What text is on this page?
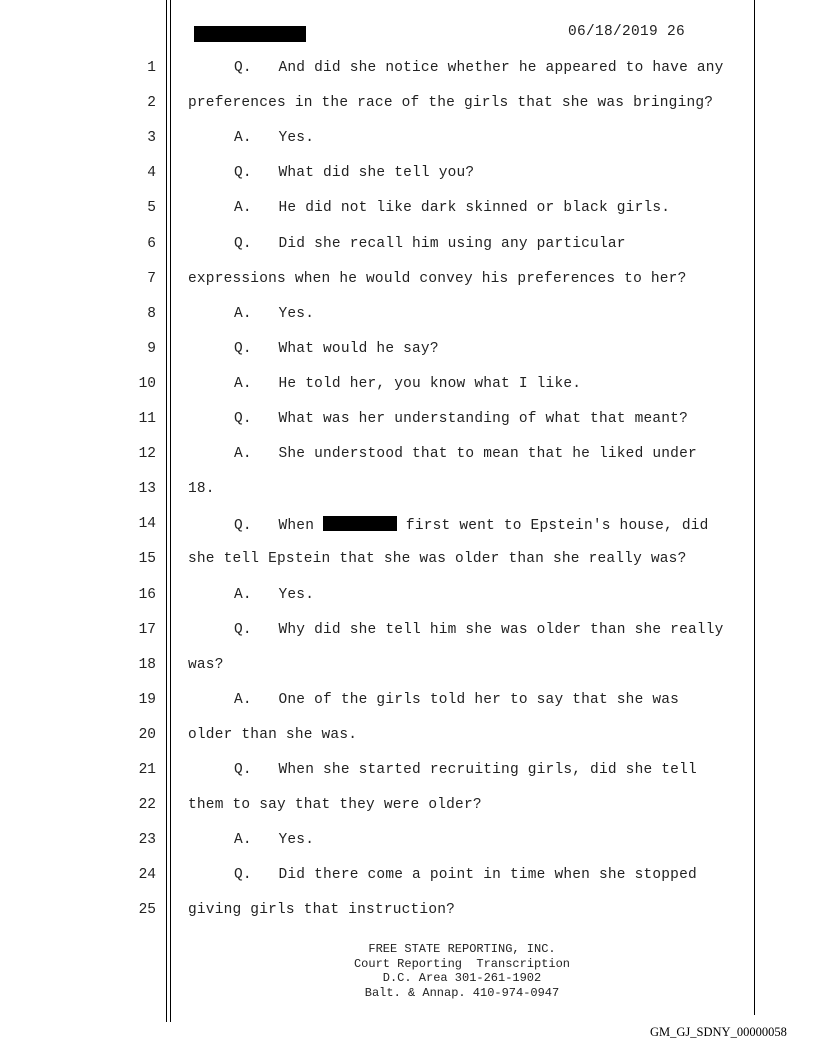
06/18/2019 26
1	Q.   And did she notice whether he appeared to have any
2 preferences in the race of the girls that she was bringing?
3	A.   Yes.
4	Q.   What did she tell you?
5	A.   He did not like dark skinned or black girls.
6	Q.   Did she recall him using any particular
7 expressions when he would convey his preferences to her?
8	A.   Yes.
9	Q.   What would he say?
10	A.   He told her, you know what I like.
11	Q.   What was her understanding of what that meant?
12	A.   She understood that to mean that he liked under
13 18.
14	Q.   When	first went to Epstein's house, did
15 she tell Epstein that she was older than she really was?
16	A.   Yes.
17	Q.   Why did she tell him she was older than she really
18 was?
19	A.   One of the girls told her to say that she was
20 older than she was.
21	Q.   When she started recruiting girls, did she tell
22 them to say that they were older?
23	A.   Yes.
24	Q.   Did there come a point in time when she stopped
25 giving girls that instruction?
FREE STATE REPORTING, INC.
Court Reporting  Transcription
D.C. Area 301-261-1902
Balt. & Annap. 410-974-0947
GM_GJ_SDNY_00000058
